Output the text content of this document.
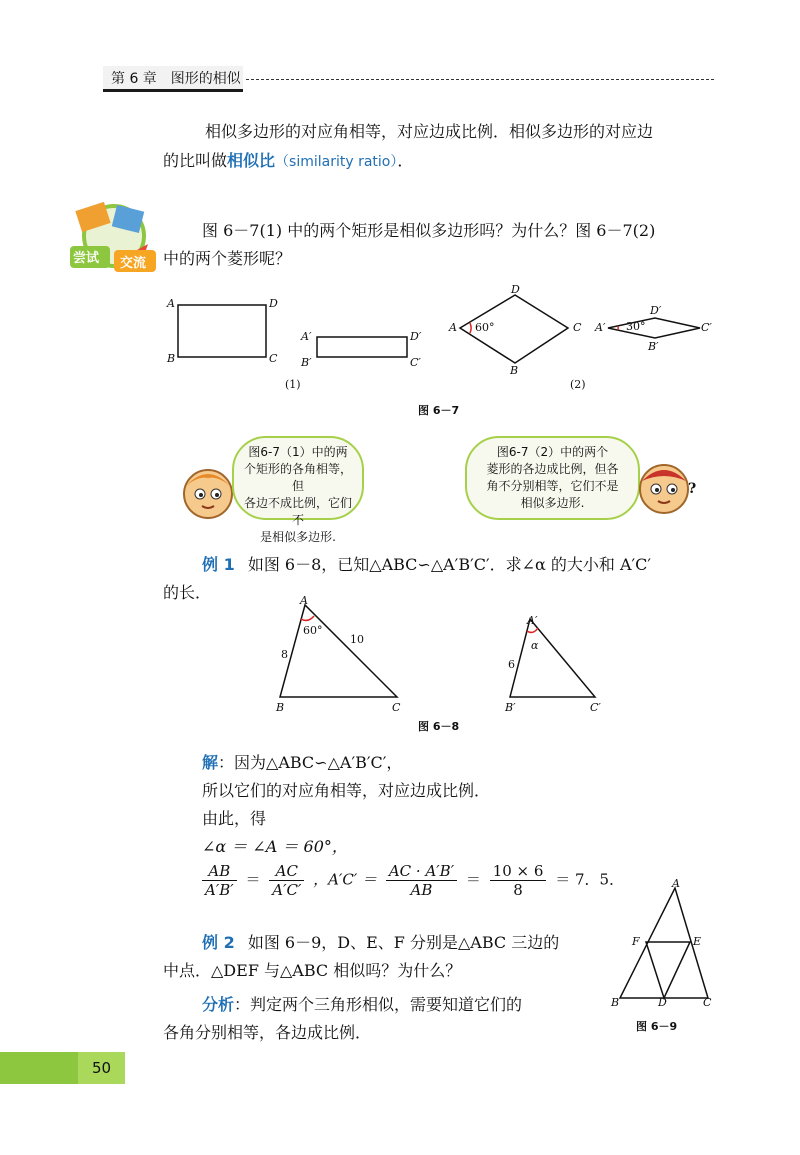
第 6 章　图形的相似
相似多边形的对应角相等，对应边成比例．相似多边形的对应边
的比叫做相似比（similarity ratio）．
尝试 交流
图 6－7(1) 中的两个矩形是相似多边形吗？为什么？图 6－7(2)
中的两个菱形呢？
A	D
B	C
A′	D′
B′	C′
D
A	C
B
60°
D′
A′	C′
B′
30°
(1)	(2)
图 6－7
图6-7（1）中的两
个矩形的各角相等，但
各边不成比例，它们不
是相似多边形.
图6-7（2）中的两个
菱形的各边成比例，但各
角不分别相等，它们不是
相似多边形.
?
例 1 如图 6－8，已知△ABC∽△A′B′C′．求∠α 的大小和 A′C′
的长．	A
B	C
60°
8
10
A′
B′	C′
α
6
图 6－8
解：因为△ABC∽△A′B′C′，
所以它们的对应角相等，对应边成比例．
由此，得
∠α ＝ ∠A ＝ 60°，
$\frac{AB}{A'B'} = \frac{AC}{A'C'}$ ，$A'C' = \frac{AC \cdot A'B'}{AB} = \frac{10 \times 6}{8} = 7$．5．
例 2 如图 6－9，D、E、F 分别是△ABC 三边的
中点．△DEF 与△ABC 相似吗？为什么？
分析：判定两个三角形相似，需要知道它们的
各角分别相等，各边成比例．
A
F	E
B	D	C
图 6－9
50
